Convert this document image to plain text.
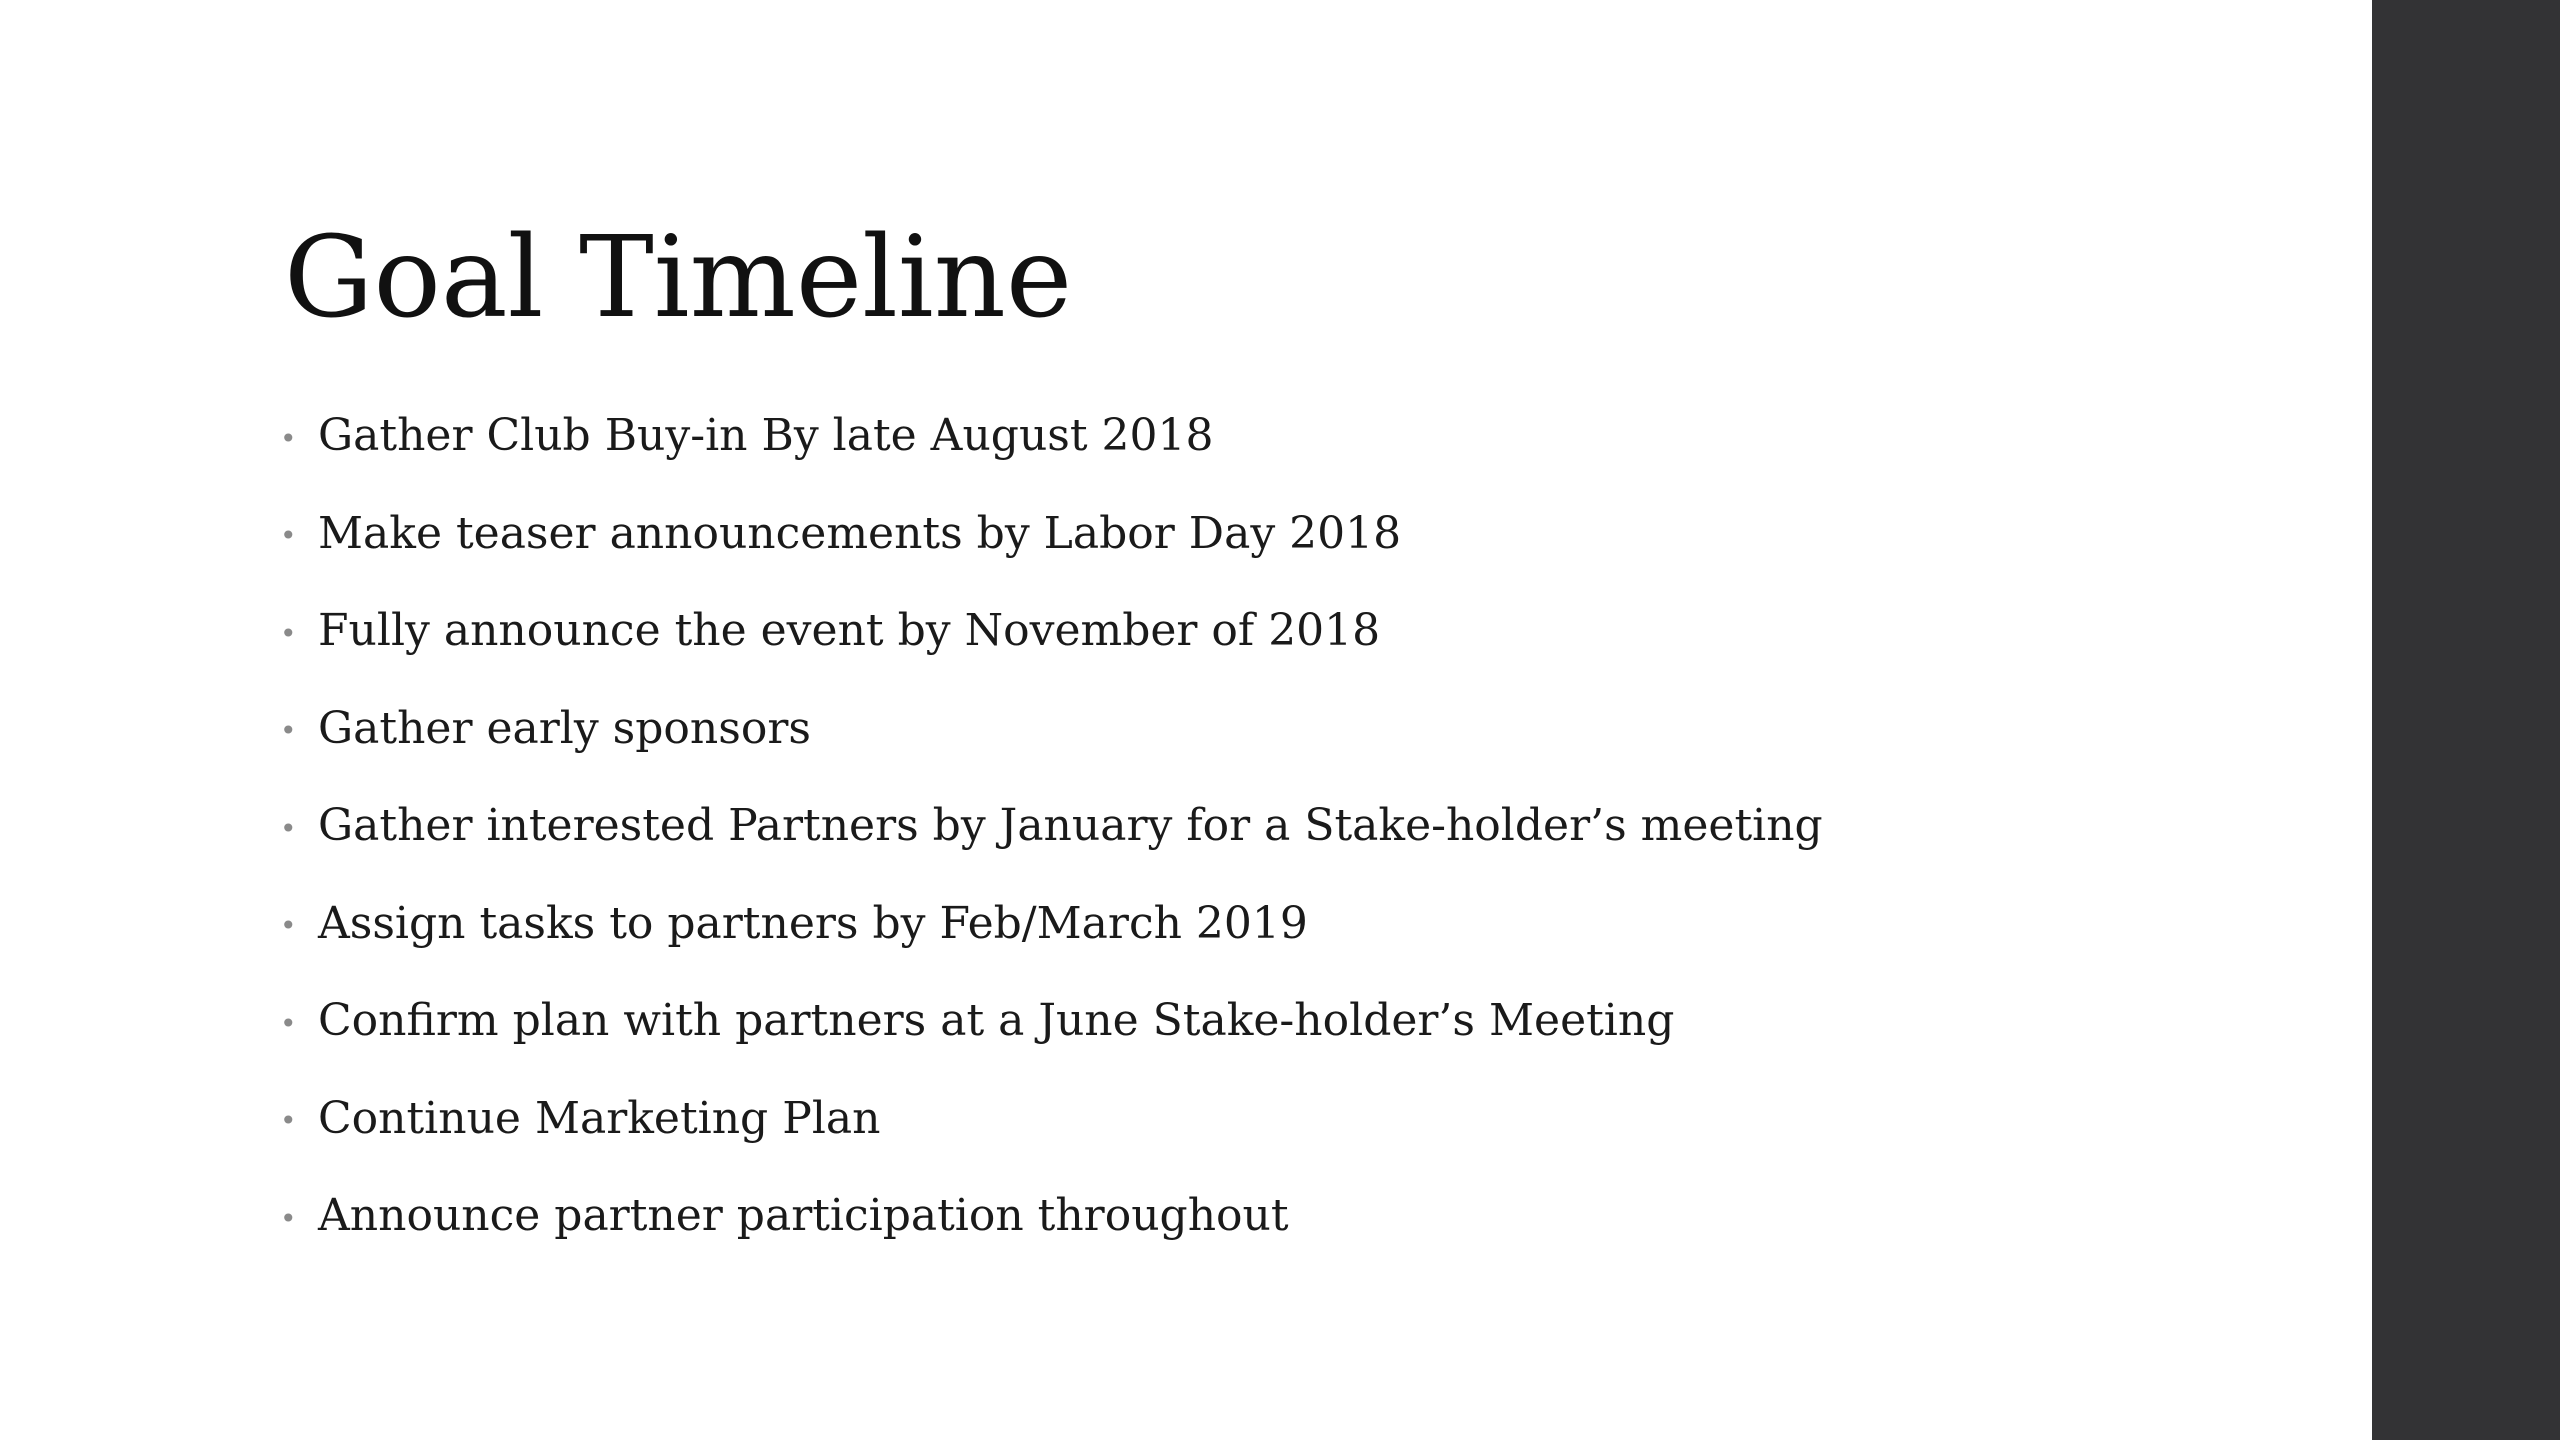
Goal Timeline
• Gather Club Buy-in By late August 2018
• Make teaser announcements by Labor Day 2018
• Fully announce the event by November of 2018
• Gather early sponsors
• Gather interested Partners by January for a Stake-holder’s meeting
• Assign tasks to partners by Feb/March 2019
• Confirm plan with partners at a June Stake-holder’s Meeting
• Continue Marketing Plan
• Announce partner participation throughout
